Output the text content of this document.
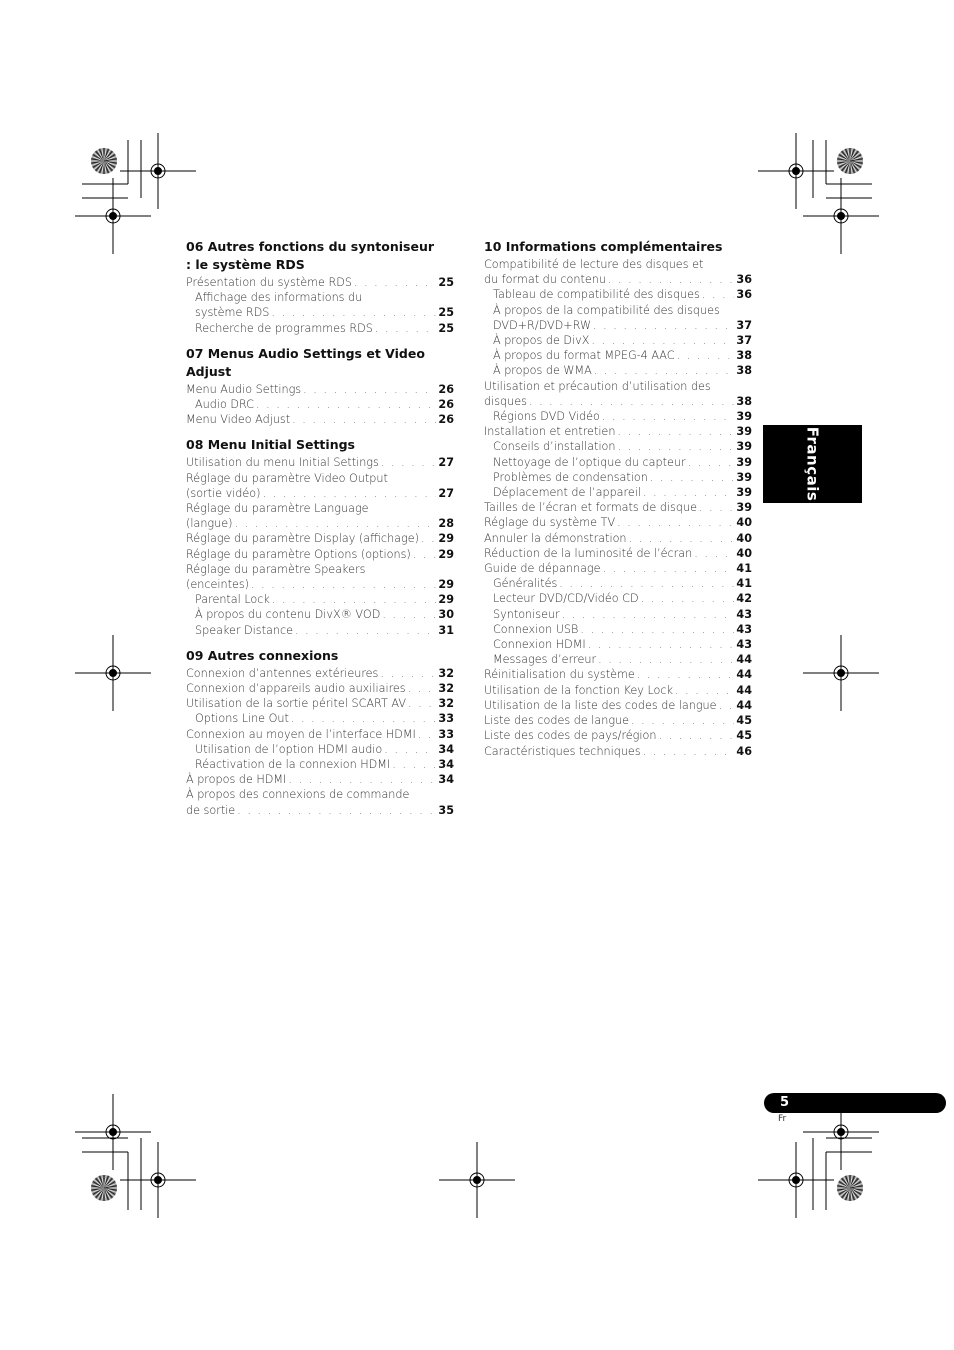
06 Autres fonctions du syntoniseur : le système RDS
Présentation du système RDS . . .	25
Affichage des informations du
système RDS . . .	25
Recherche de programmes RDS . . .	25
07 Menus Audio Settings et Video Adjust
Menu Audio Settings . . .	26
Audio DRC . . .	26
Menu Video Adjust . . .	26
08 Menu Initial Settings
Utilisation du menu Initial Settings . . .	27
Réglage du paramètre Video Output
(sortie vidéo) . . .	27
Réglage du paramètre Language
(langue) . . .	28
Réglage du paramètre Display (affichage) . . . 29
Réglage du paramètre Options (options) . . . 29
Réglage du paramètre Speakers
(enceintes) . . .	29
Parental Lock . . .	29
À propos du contenu DivX® VOD . . .	30
Speaker Distance . . .	31
09 Autres connexions
Connexion d’antennes extérieures . . .	32
Connexion d’appareils audio auxiliaires . . .	32
Utilisation de la sortie péritel SCART AV . . .	32
Options Line Out . . .	33
Connexion au moyen de l’interface HDMI . . . 33
Utilisation de l’option HDMI audio . . .	34
Réactivation de la connexion HDMI . . .	34
À propos de HDMI . . .	34
À propos des connexions de commande
de sortie . . .	35
10 Informations complémentaires
Compatibilité de lecture des disques et
du format du contenu . . .	36
Tableau de compatibilité des disques . . .	36
À propos de la compatibilité des disques
DVD+R/DVD+RW . . .	37
À propos de DivX . . .	37
À propos du format MPEG-4 AAC . . .	38
À propos de WMA . . .	38
Utilisation et précaution d’utilisation des
disques . . .	38
Régions DVD Vidéo . . .	39
Installation et entretien . . .	39
Conseils d’installation . . .	39
Nettoyage de l’optique du capteur . . .	39
Problèmes de condensation . . .	39
Déplacement de l’appareil . . .	39
Tailles de l’écran et formats de disque . . .	39
Réglage du système TV . . .	40
Annuler la démonstration . . .	40
Réduction de la luminosité de l’écran . . .	40
Guide de dépannage . . .	41
Généralités . . .	41
Lecteur DVD/CD/Vidéo CD . . .	42
Syntoniseur . . .	43
Connexion USB . . .	43
Connexion HDMI . . .	43
Messages d’erreur . . .	44
Réinitialisation du système . . .	44
Utilisation de la fonction Key Lock . . .	44
Utilisation de la liste des codes de langue . . . 44
Liste des codes de langue . . .	45
Liste des codes de pays/région . . .	45
Caractéristiques techniques . . .	46
Français
5
Fr
